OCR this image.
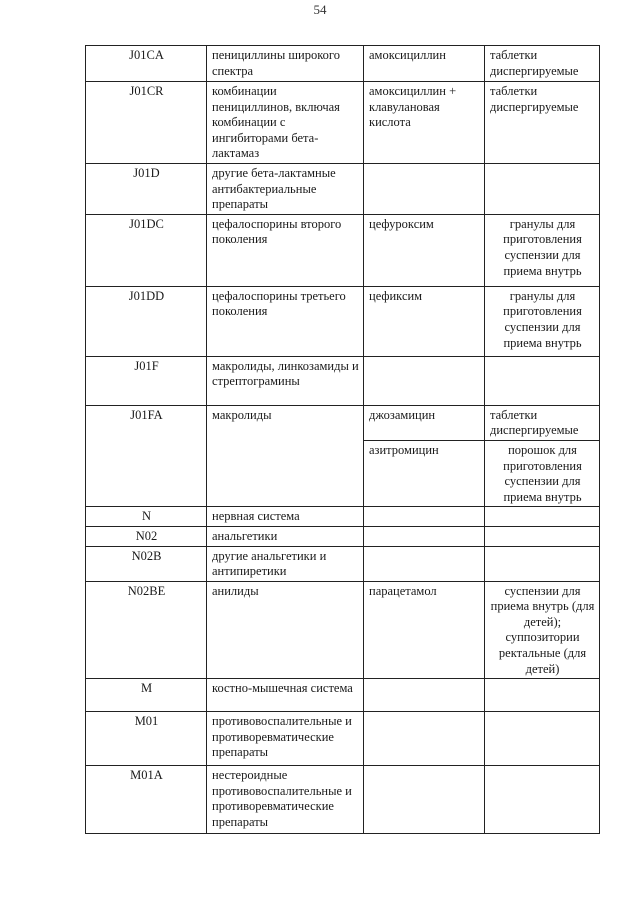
54
J01CA	пенициллины широкого спектра	амоксициллин	таблетки диспергируемые
J01CR	комбинации пенициллинов, включая комбинации с ингибиторами бета-лактамаз	амоксициллин + клавулановая кислота	таблетки диспергируемые
J01D	другие бета-лактамные антибактериальные препараты		
J01DC	цефалоспорины второго поколения	цефуроксим	гранулы для приготовления суспензии для приема внутрь
J01DD	цефалоспорины третьего поколения	цефиксим	гранулы для приготовления суспензии для приема внутрь
J01F	макролиды, линкозамиды и стрептограмины		
J01FA	макролиды	джозамицин	таблетки диспергируемые
		азитромицин	порошок для приготовления суспензии для приема внутрь
N	нервная система		
N02	анальгетики		
N02B	другие анальгетики и антипиретики		
N02BE	анилиды	парацетамол	суспензии для приема внутрь (для детей); суппозитории ректальные (для детей)
M	костно-мышечная система		
M01	противовоспалительные и противоревматические препараты		
M01A	нестероидные противовоспалительные и противоревматические препараты		
